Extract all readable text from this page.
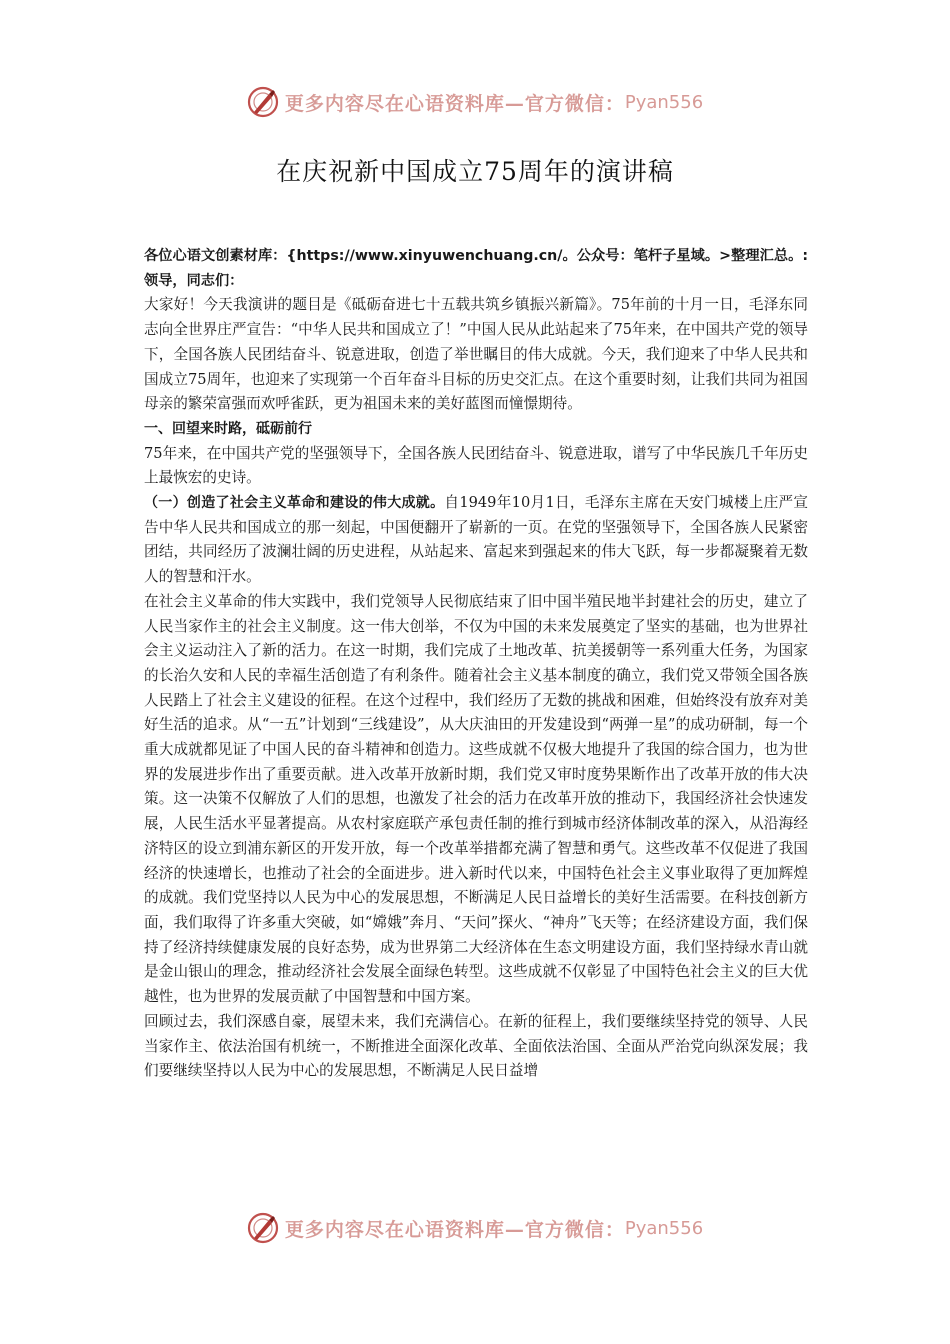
更多内容尽在心语资料库—官方微信： Pyan556
在庆祝新中国成立75周年的演讲稿

各位心语文创素材库：{https://www.xinyuwenchuang.cn/。公众号：笔杆子星域。>整理汇总。:领导，同志们：

大家好！今天我演讲的题目是《砥砺奋进七十五载共筑乡镇振兴新篇》。75年前的十月一日，毛泽东同志向全世界庄严宣告：“中华人民共和国成立了！”中国人民从此站起来了75年来，在中国共产党的领导下，全国各族人民团结奋斗、锐意进取，创造了举世瞩目的伟大成就。今天，我们迎来了中华人民共和国成立75周年，也迎来了实现第一个百年奋斗目标的历史交汇点。在这个重要时刻，让我们共同为祖国母亲的繁荣富强而欢呼雀跃，更为祖国未来的美好蓝图而憧憬期待。

一、回望来时路，砥砺前行

75年来，在中国共产党的坚强领导下，全国各族人民团结奋斗、锐意进取，谱写了中华民族几千年历史上最恢宏的史诗。

（一）创造了社会主义革命和建设的伟大成就。自1949年10月1日，毛泽东主席在天安门城楼上庄严宣告中华人民共和国成立的那一刻起，中国便翻开了崭新的一页。在党的坚强领导下，全国各族人民紧密团结，共同经历了波澜壮阔的历史进程，从站起来、富起来到强起来的伟大飞跃，每一步都凝聚着无数人的智慧和汗水。

在社会主义革命的伟大实践中，我们党领导人民彻底结束了旧中国半殖民地半封建社会的历史，建立了人民当家作主的社会主义制度。这一伟大创举，不仅为中国的未来发展奠定了坚实的基础，也为世界社会主义运动注入了新的活力。在这一时期，我们完成了土地改革、抗美援朝等一系列重大任务，为国家的长治久安和人民的幸福生活创造了有利条件。随着社会主义基本制度的确立，我们党又带领全国各族人民踏上了社会主义建设的征程。在这个过程中，我们经历了无数的挑战和困难，但始终没有放弃对美好生活的追求。从“一五”计划到“三线建设”，从大庆油田的开发建设到“两弹一星”的成功研制，每一个重大成就都见证了中国人民的奋斗精神和创造力。这些成就不仅极大地提升了我国的综合国力，也为世界的发展进步作出了重要贡献。进入改革开放新时期，我们党又审时度势果断作出了改革开放的伟大决策。这一决策不仅解放了人们的思想，也激发了社会的活力在改革开放的推动下，我国经济社会快速发展，人民生活水平显著提高。从农村家庭联产承包责任制的推行到城市经济体制改革的深入，从沿海经济特区的设立到浦东新区的开发开放，每一个改革举措都充满了智慧和勇气。这些改革不仅促进了我国经济的快速增长，也推动了社会的全面进步。进入新时代以来，中国特色社会主义事业取得了更加辉煌的成就。我们党坚持以人民为中心的发展思想，不断满足人民日益增长的美好生活需要。在科技创新方面，我们取得了许多重大突破，如“嫦娥”奔月、“天问”探火、“神舟”飞天等；在经济建设方面，我们保持了经济持续健康发展的良好态势，成为世界第二大经济体在生态文明建设方面，我们坚持绿水青山就是金山银山的理念，推动经济社会发展全面绿色转型。这些成就不仅彰显了中国特色社会主义的巨大优越性，也为世界的发展贡献了中国智慧和中国方案。

回顾过去，我们深感自豪，展望未来，我们充满信心。在新的征程上，我们要继续坚持党的领导、人民当家作主、依法治国有机统一，不断推进全面深化改革、全面依法治国、全面从严治党向纵深发展；我们要继续坚持以人民为中心的发展思想，不断满足人民日益增

更多内容尽在心语资料库—官方微信： Pyan556
